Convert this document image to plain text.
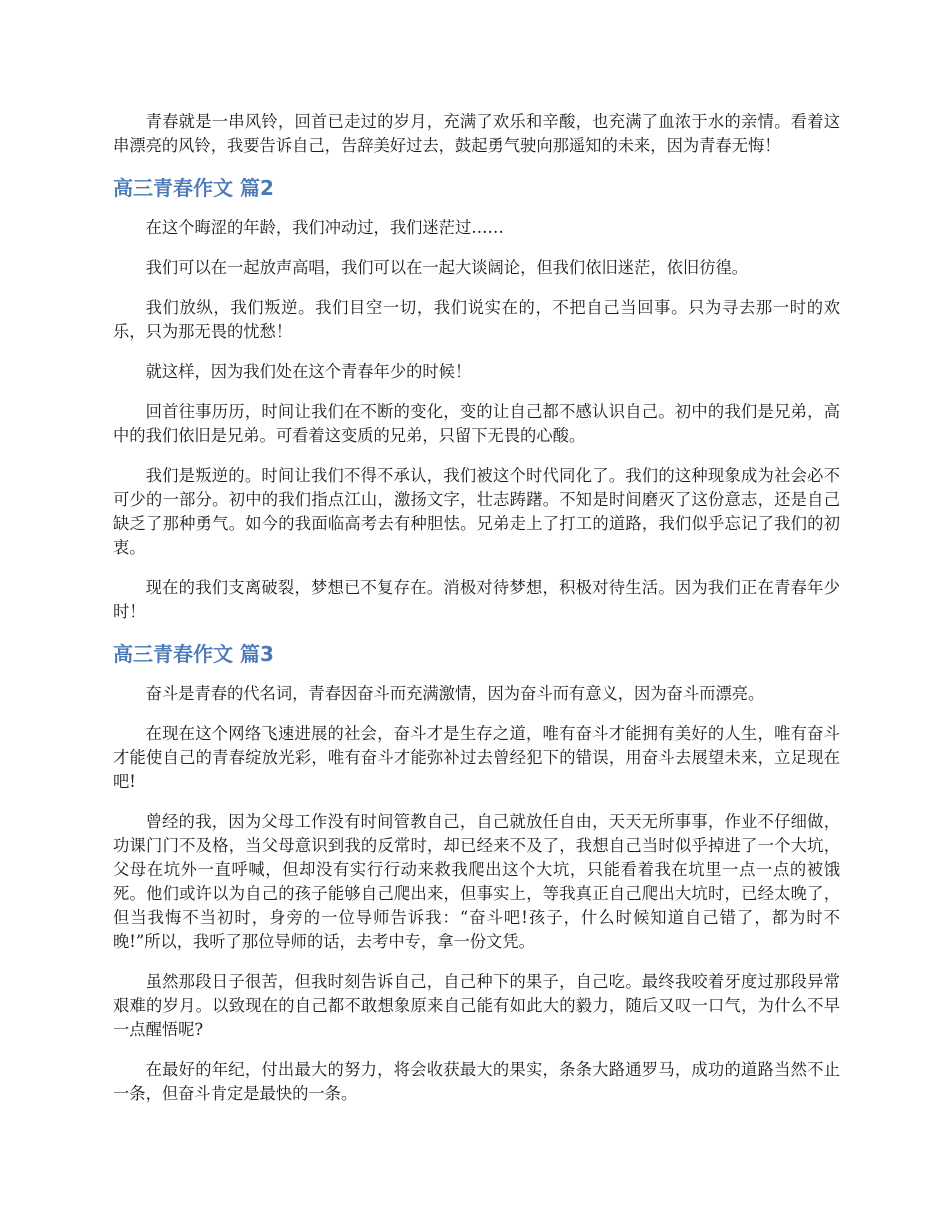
青春就是一串风铃，回首已走过的岁月，充满了欢乐和辛酸，也充满了血浓于水的亲情。看着这串漂亮的风铃，我要告诉自己，告辞美好过去，鼓起勇气驶向那遥知的未来，因为青春无悔！

高三青春作文 篇2

在这个晦涩的年龄，我们冲动过，我们迷茫过……

我们可以在一起放声高唱，我们可以在一起大谈阔论，但我们依旧迷茫，依旧彷徨。

我们放纵，我们叛逆。我们目空一切，我们说实在的，不把自己当回事。只为寻去那一时的欢乐，只为那无畏的忧愁！

就这样，因为我们处在这个青春年少的时候！

回首往事历历，时间让我们在不断的变化，变的让自己都不感认识自己。初中的我们是兄弟，高中的我们依旧是兄弟。可看着这变质的兄弟，只留下无畏的心酸。

我们是叛逆的。时间让我们不得不承认，我们被这个时代同化了。我们的这种现象成为社会必不可少的一部分。初中的我们指点江山，激扬文字，壮志踌躇。不知是时间磨灭了这份意志，还是自己缺乏了那种勇气。如今的我面临高考去有种胆怯。兄弟走上了打工的道路，我们似乎忘记了我们的初衷。

现在的我们支离破裂，梦想已不复存在。消极对待梦想，积极对待生活。因为我们正在青春年少时！

高三青春作文 篇3

奋斗是青春的代名词，青春因奋斗而充满激情，因为奋斗而有意义，因为奋斗而漂亮。

在现在这个网络飞速进展的社会，奋斗才是生存之道，唯有奋斗才能拥有美好的人生，唯有奋斗才能使自己的青春绽放光彩，唯有奋斗才能弥补过去曾经犯下的错误，用奋斗去展望未来，立足现在吧!

曾经的我，因为父母工作没有时间管教自己，自己就放任自由，天天无所事事，作业不仔细做，功课门门不及格，当父母意识到我的反常时，却已经来不及了，我想自己当时似乎掉进了一个大坑，父母在坑外一直呼喊，但却没有实行行动来救我爬出这个大坑，只能看着我在坑里一点一点的被饿死。他们或许以为自己的孩子能够自己爬出来，但事实上，等我真正自己爬出大坑时，已经太晚了，但当我悔不当初时，身旁的一位导师告诉我：“奋斗吧!孩子，什么时候知道自己错了，都为时不晚!”所以，我听了那位导师的话，去考中专，拿一份文凭。

虽然那段日子很苦，但我时刻告诉自己，自己种下的果子，自己吃。最终我咬着牙度过那段异常艰难的岁月。以致现在的自己都不敢想象原来自己能有如此大的毅力，随后又叹一口气，为什么不早一点醒悟呢?

在最好的年纪，付出最大的努力，将会收获最大的果实，条条大路通罗马，成功的道路当然不止一条，但奋斗肯定是最快的一条。
